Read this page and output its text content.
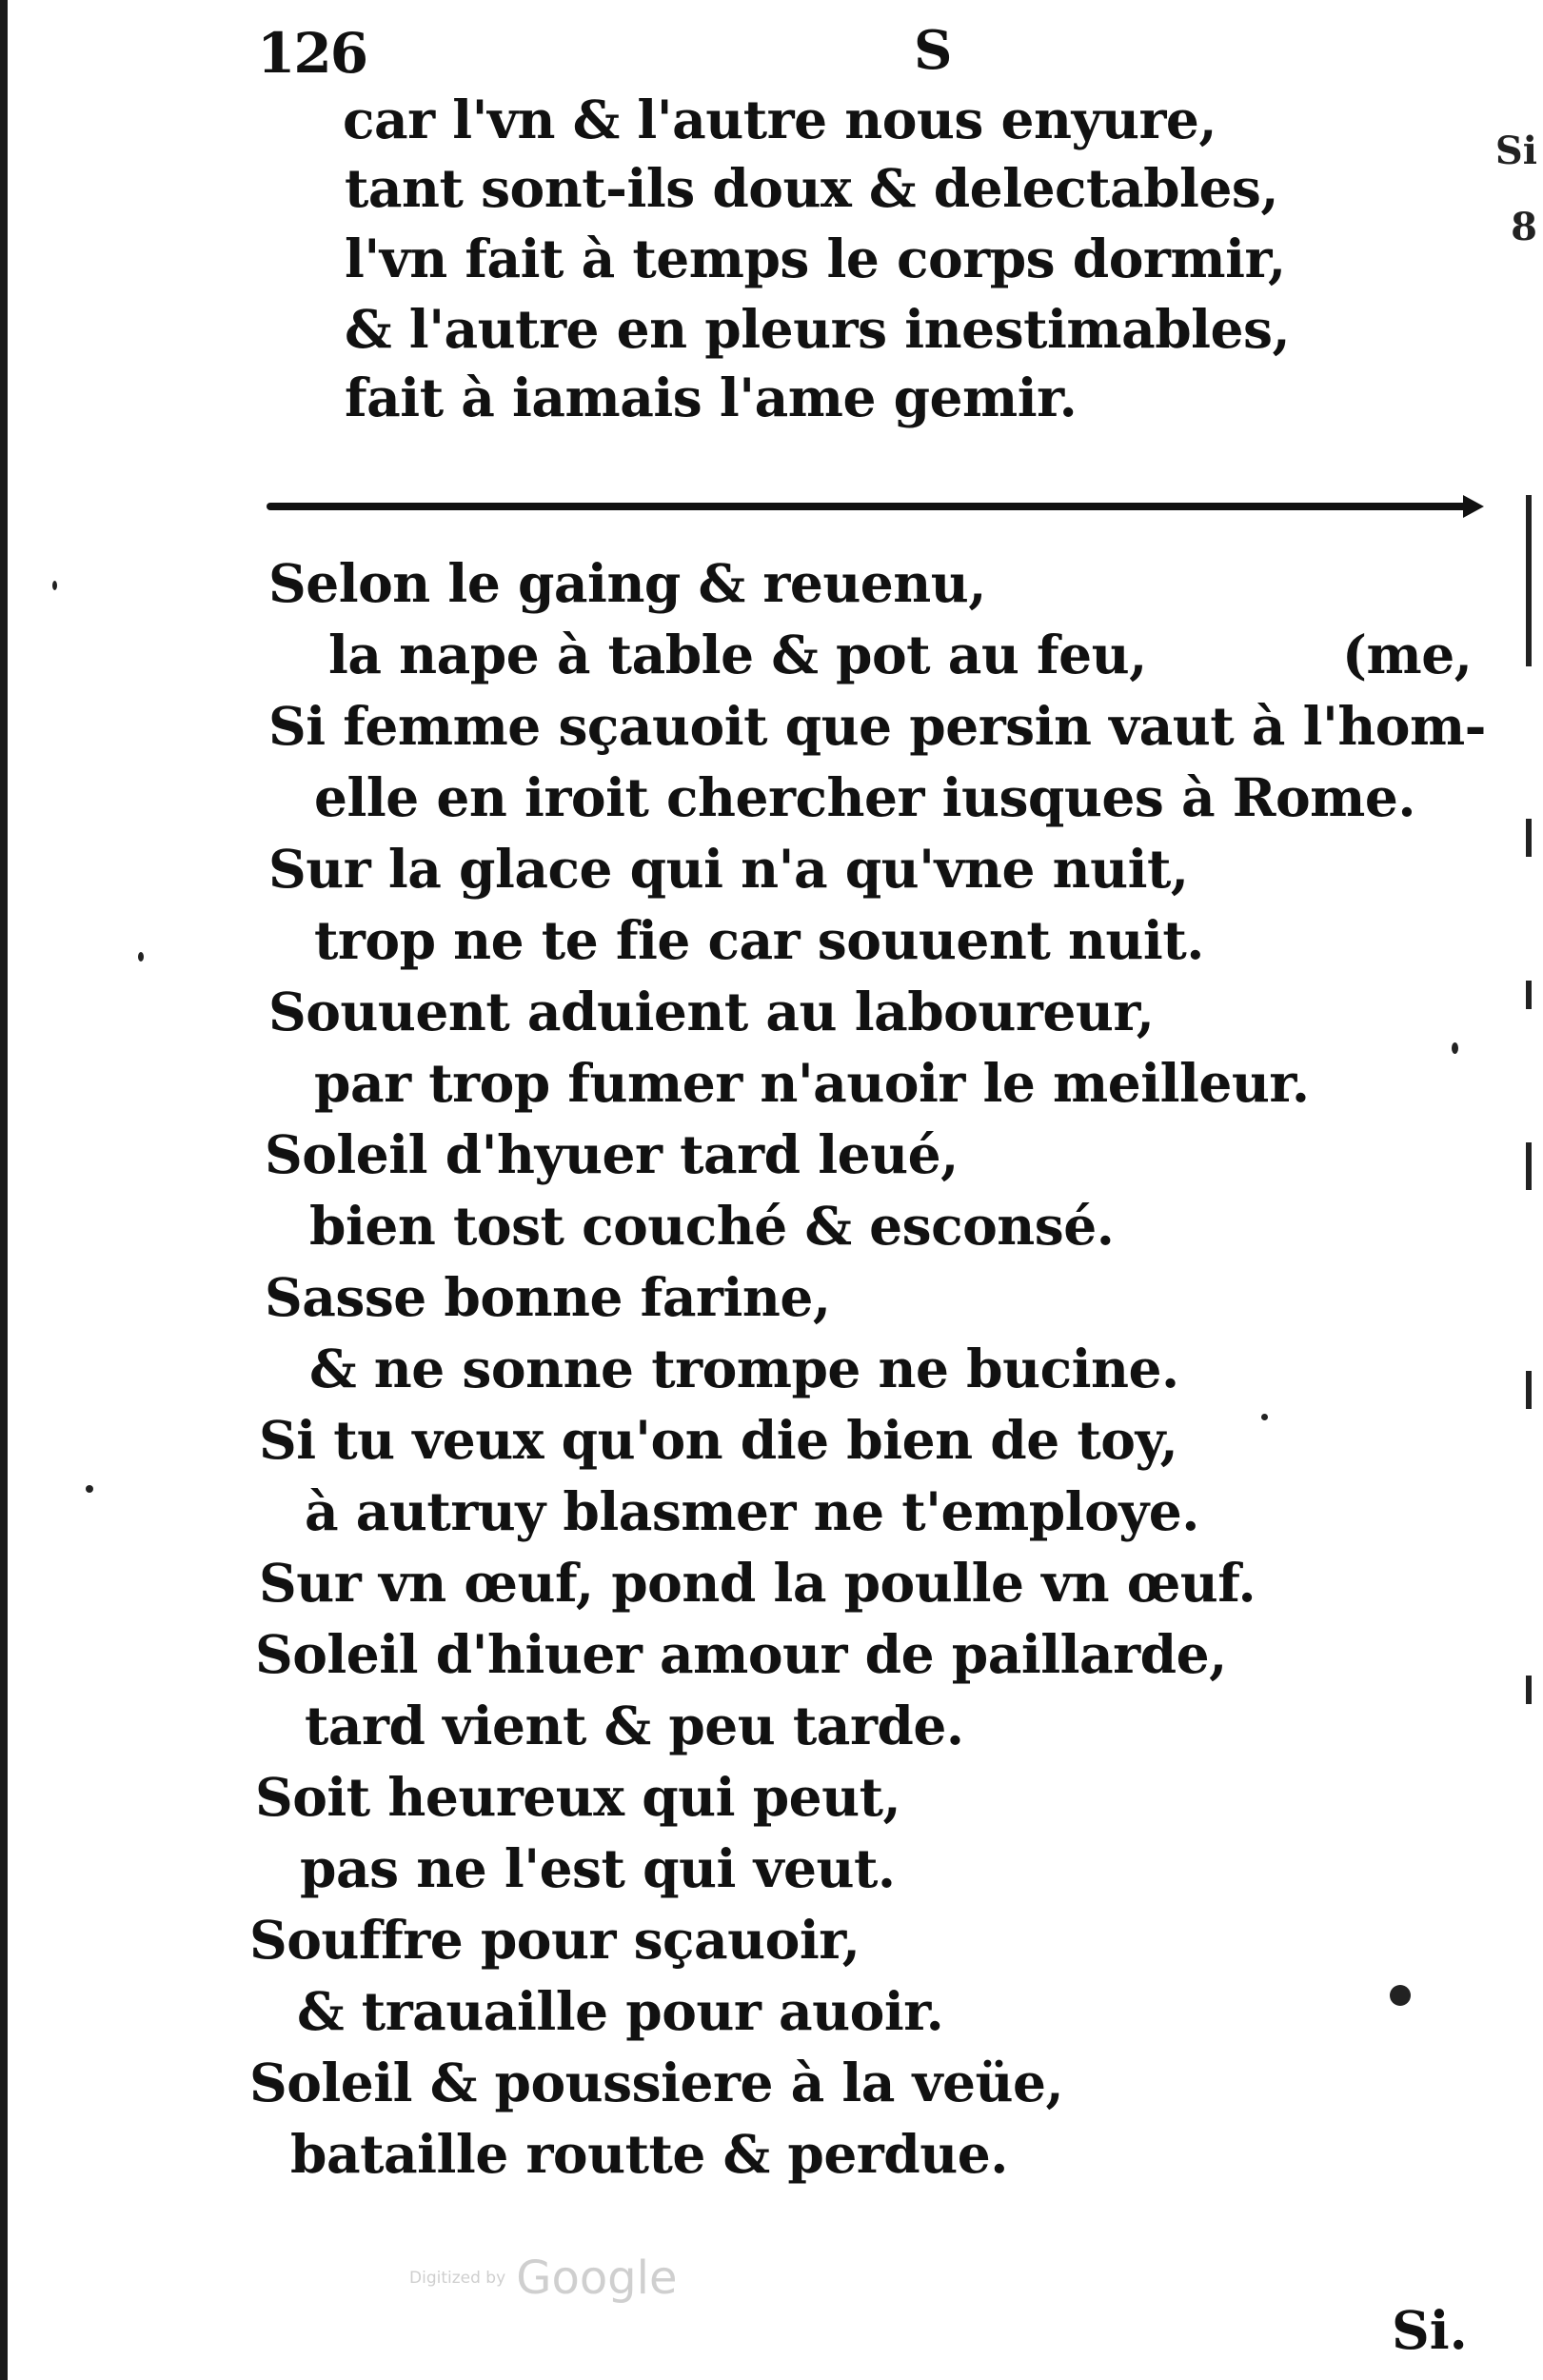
Si
8
126	S
car l'vn & l'autre nous enyure,
tant sont-ils doux & delectables,
l'vn fait à temps le corps dormir,
& l'autre en pleurs inestimables,
fait à iamais l'ame gemir.
Selon le gaing & reuenu,
la nape à table & pot au feu,	(me,
Si femme sçauoit que persin vaut à l'hom-
elle en iroit chercher iusques à Rome.
Sur la glace qui n'a qu'vne nuit,
trop ne te fie car souuent nuit.
Souuent aduient au laboureur,
par trop fumer n'auoir le meilleur.
Soleil d'hyuer tard leué,
bien tost couché & esconsé.
Sasse bonne farine,
& ne sonne trompe ne bucine.
Si tu veux qu'on die bien de toy,
à autruy blasmer ne t'employe.
Sur vn œuf, pond la poulle vn œuf.
Soleil d'hiuer amour de paillarde,
tard vient & peu tarde.
Soit heureux qui peut,
pas ne l'est qui veut.
Souffre pour sçauoir,
& trauaille pour auoir.
Soleil & poussiere à la veüe,
bataille routte & perdue.
Digitized by Google
Si.
